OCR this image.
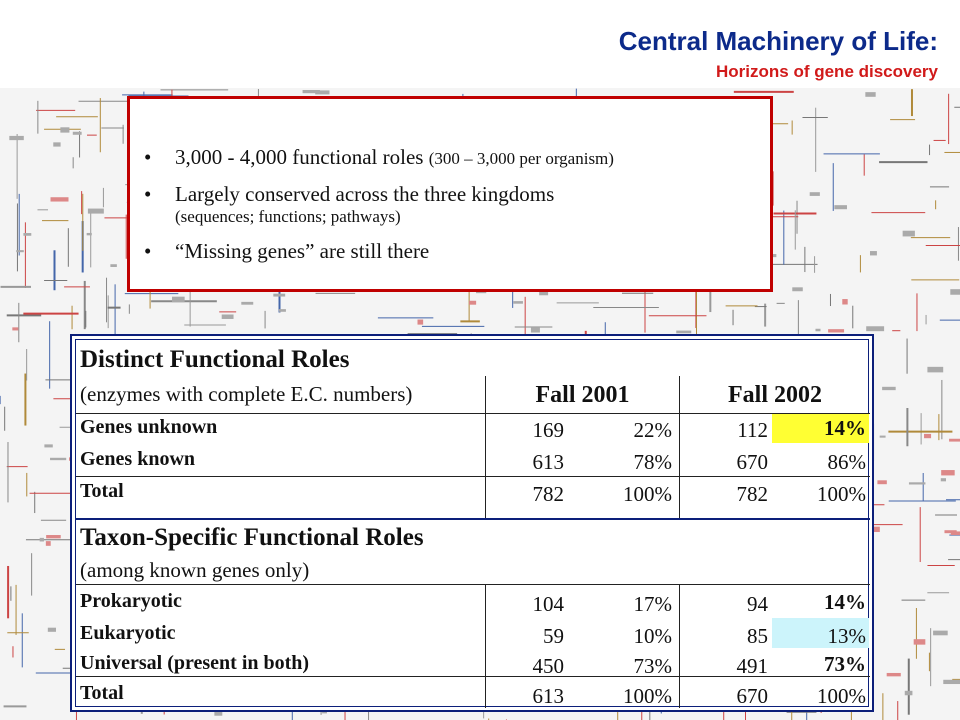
Central Machinery of Life:
Horizons of gene discovery
• 3,000 - 4,000 functional roles (300 – 3,000 per organism)
• Largely conserved across the three kingdoms
(sequences; functions; pathways)
• “Missing genes” are still there
Distinct Functional Roles
(enzymes with complete E.C. numbers)	Fall 2001	Fall 2002
Genes unknown	169	22%	112	14%
Genes known	613	78%	670	86%
Total	782	100%	782	100%
Taxon-Specific Functional Roles
(among known genes only)
Prokaryotic	104	17%	94	14%
Eukaryotic	59	10%	85	13%
Universal (present in both)	450	73%	491	73%
Total	613	100%	670	100%
